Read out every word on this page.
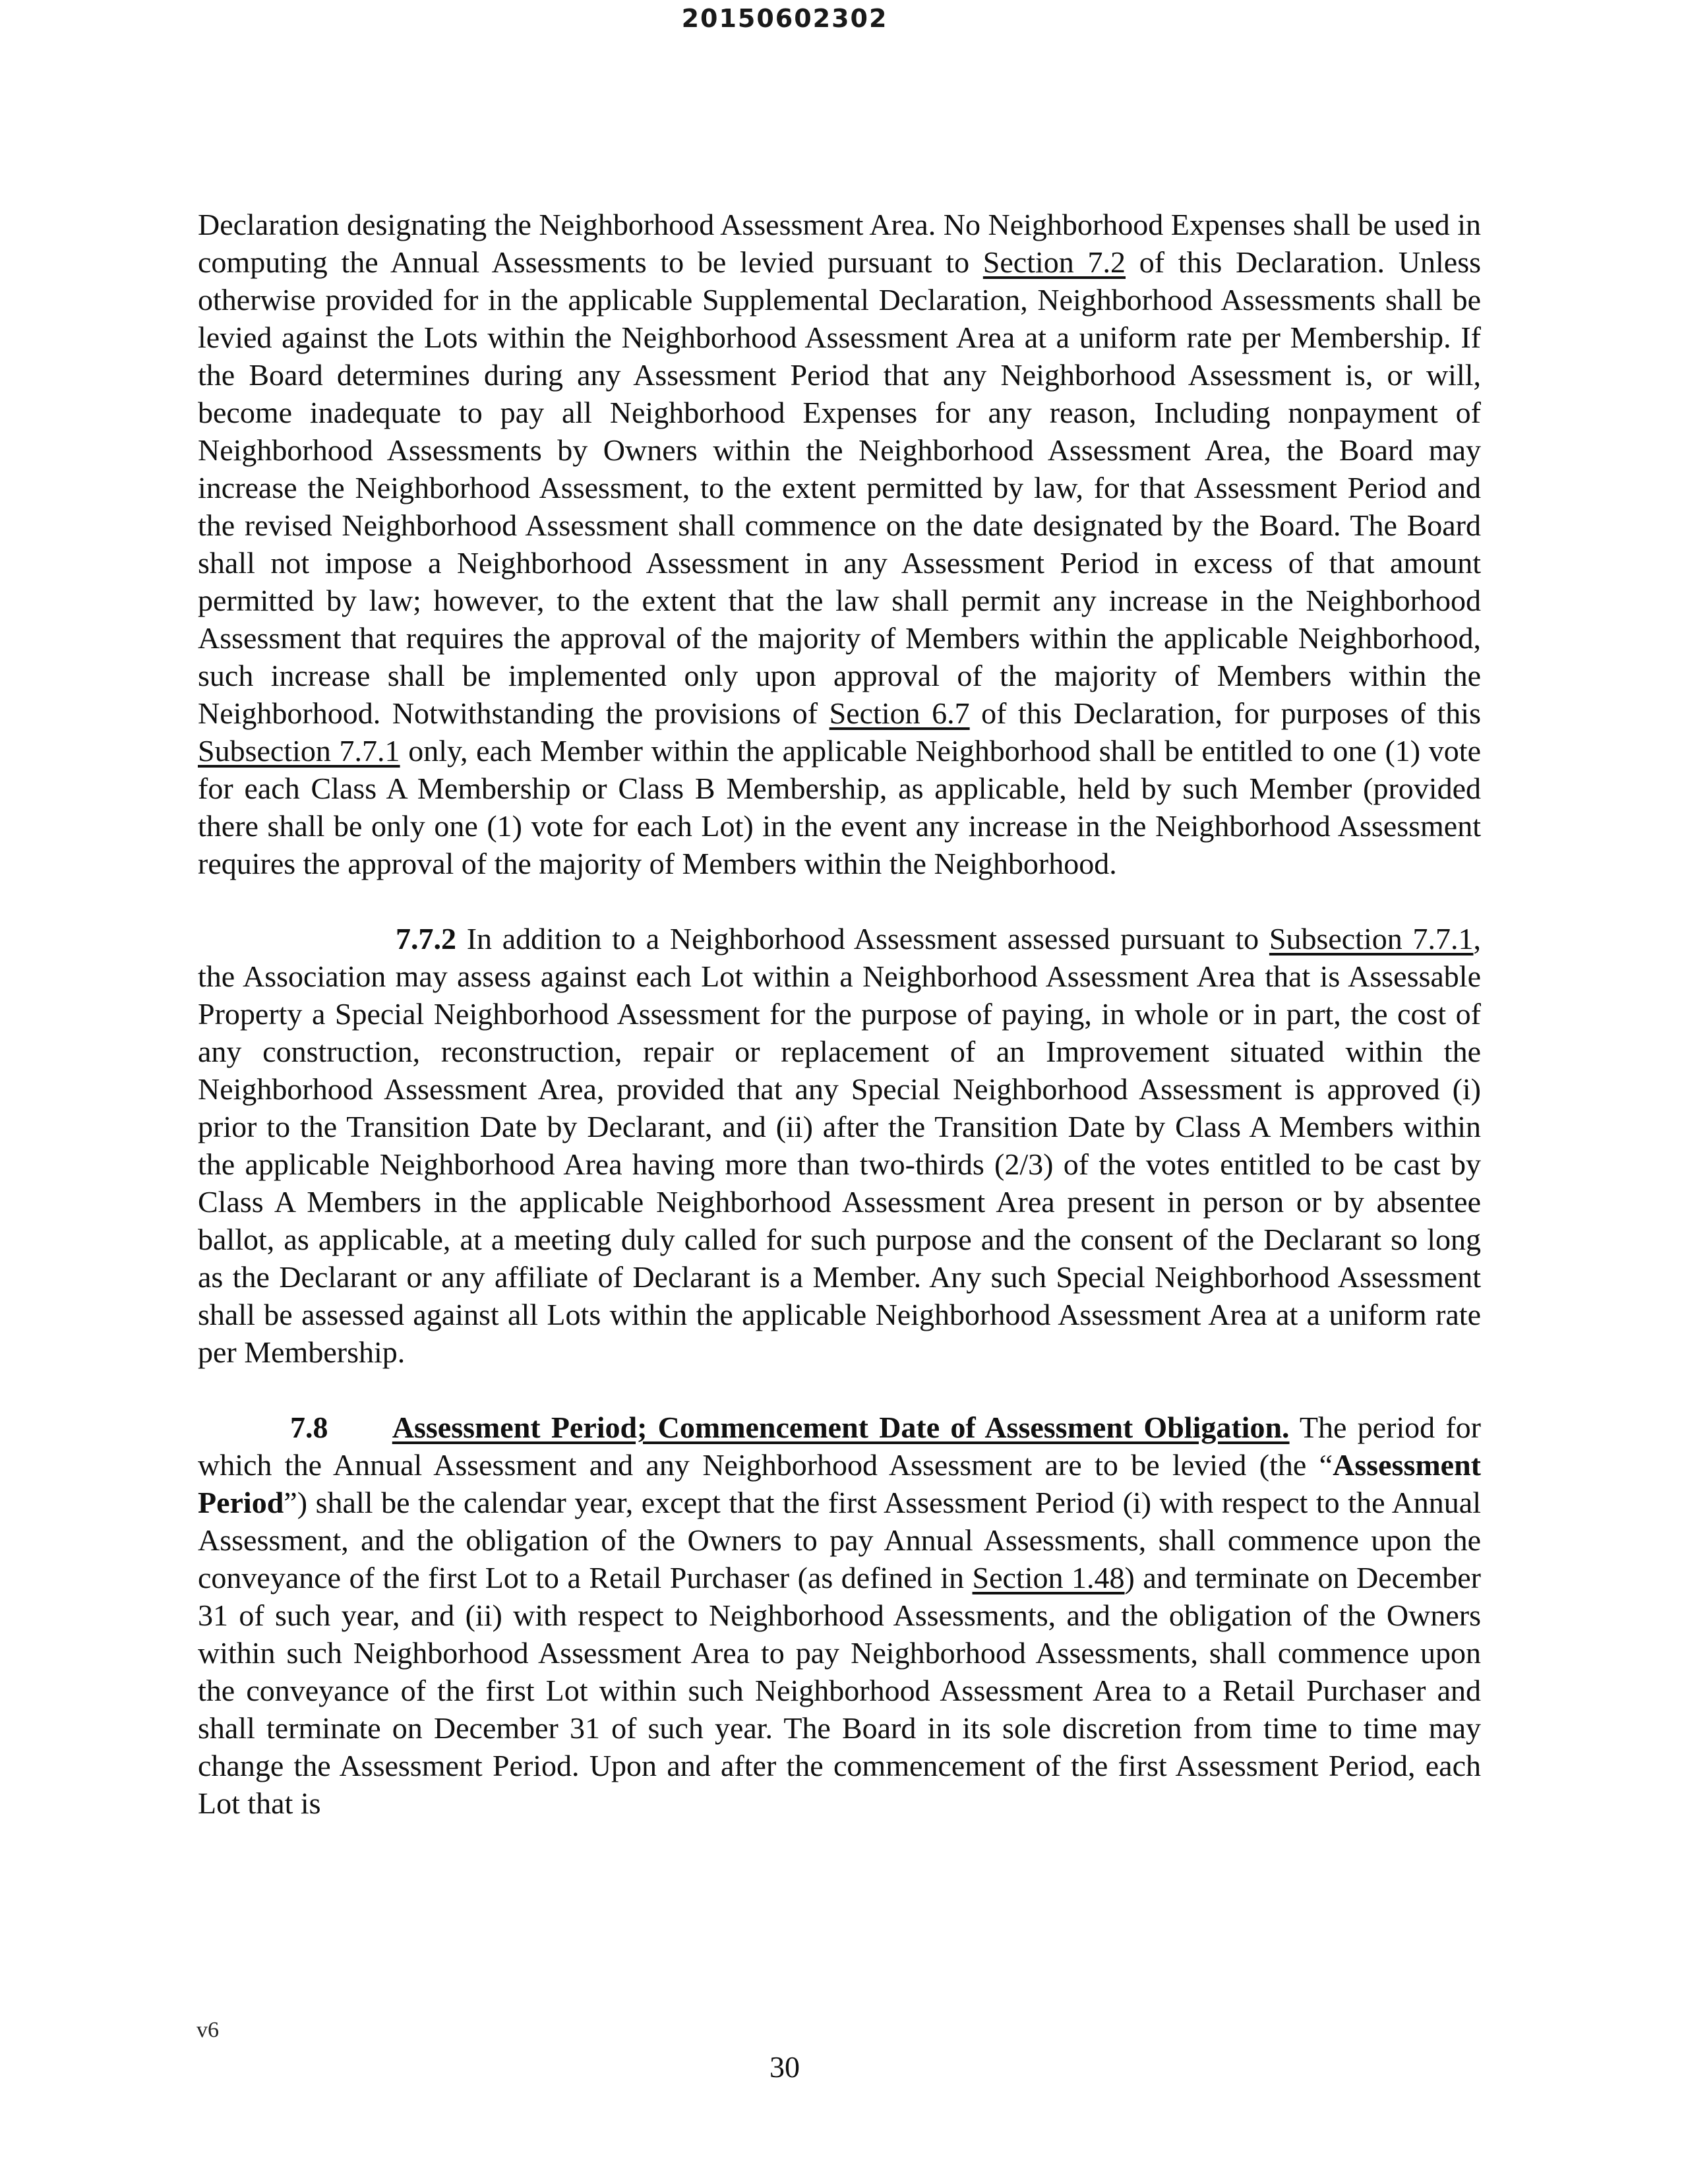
20150602302

Declaration designating the Neighborhood Assessment Area. No Neighborhood Expenses shall be used in computing the Annual Assessments to be levied pursuant to Section 7.2 of this Declaration. Unless otherwise provided for in the applicable Supplemental Declaration, Neighborhood Assessments shall be levied against the Lots within the Neighborhood Assessment Area at a uniform rate per Membership. If the Board determines during any Assessment Period that any Neighborhood Assessment is, or will, become inadequate to pay all Neighborhood Expenses for any reason, Including nonpayment of Neighborhood Assessments by Owners within the Neighborhood Assessment Area, the Board may increase the Neighborhood Assessment, to the extent permitted by law, for that Assessment Period and the revised Neighborhood Assessment shall commence on the date designated by the Board. The Board shall not impose a Neighborhood Assessment in any Assessment Period in excess of that amount permitted by law; however, to the extent that the law shall permit any increase in the Neighborhood Assessment that requires the approval of the majority of Members within the applicable Neighborhood, such increase shall be implemented only upon approval of the majority of Members within the Neighborhood. Notwithstanding the provisions of Section 6.7 of this Declaration, for purposes of this Subsection 7.7.1 only, each Member within the applicable Neighborhood shall be entitled to one (1) vote for each Class A Membership or Class B Membership, as applicable, held by such Member (provided there shall be only one (1) vote for each Lot) in the event any increase in the Neighborhood Assessment requires the approval of the majority of Members within the Neighborhood.

7.7.2 In addition to a Neighborhood Assessment assessed pursuant to Subsection 7.7.1, the Association may assess against each Lot within a Neighborhood Assessment Area that is Assessable Property a Special Neighborhood Assessment for the purpose of paying, in whole or in part, the cost of any construction, reconstruction, repair or replacement of an Improvement situated within the Neighborhood Assessment Area, provided that any Special Neighborhood Assessment is approved (i) prior to the Transition Date by Declarant, and (ii) after the Transition Date by Class A Members within the applicable Neighborhood Area having more than two-thirds (2/3) of the votes entitled to be cast by Class A Members in the applicable Neighborhood Assessment Area present in person or by absentee ballot, as applicable, at a meeting duly called for such purpose and the consent of the Declarant so long as the Declarant or any affiliate of Declarant is a Member. Any such Special Neighborhood Assessment shall be assessed against all Lots within the applicable Neighborhood Assessment Area at a uniform rate per Membership.

7.8 Assessment Period; Commencement Date of Assessment Obligation. The period for which the Annual Assessment and any Neighborhood Assessment are to be levied (the “Assessment Period”) shall be the calendar year, except that the first Assessment Period (i) with respect to the Annual Assessment, and the obligation of the Owners to pay Annual Assessments, shall commence upon the conveyance of the first Lot to a Retail Purchaser (as defined in Section 1.48) and terminate on December 31 of such year, and (ii) with respect to Neighborhood Assessments, and the obligation of the Owners within such Neighborhood Assessment Area to pay Neighborhood Assessments, shall commence upon the conveyance of the first Lot within such Neighborhood Assessment Area to a Retail Purchaser and shall terminate on December 31 of such year. The Board in its sole discretion from time to time may change the Assessment Period. Upon and after the commencement of the first Assessment Period, each Lot that is

v6
30
